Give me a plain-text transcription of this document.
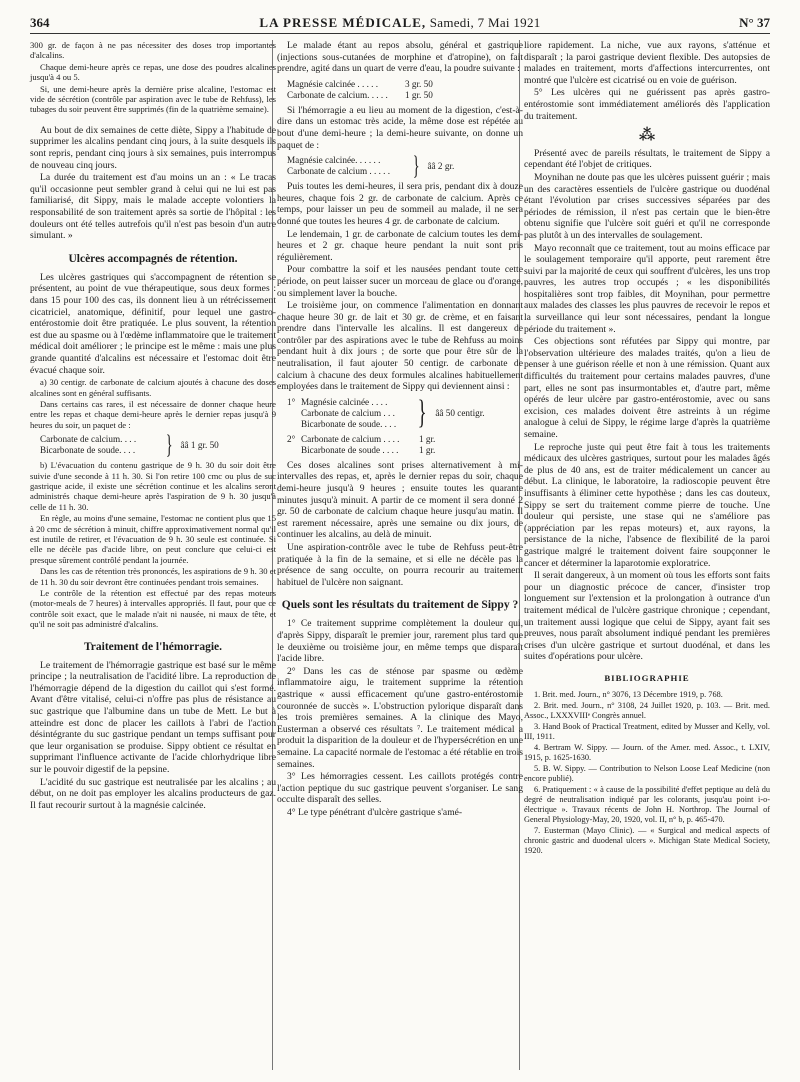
364	LA PRESSE MÉDICALE, Samedi, 7 Mai 1921	N° 37

300 gr. de façon à ne pas nécessiter des doses trop importantes d'alcalins.

Chaque demi-heure après ce repas, une dose des poudres alcalines jusqu'à 4 ou 5.

Si, une demi-heure après la dernière prise alcaline, l'estomac est vide de sécrétion (contrôle par aspiration avec le tube de Rehfuss), les tubages du soir peuvent être supprimés (fin de la quatrième semaine).

Au bout de dix semaines de cette diète, Sippy a l'habitude de supprimer les alcalins pendant cinq jours, à la suite desquels ils sont repris, pendant cinq jours à six semaines, puis interrompus de nouveau cinq jours.

La durée du traitement est d'au moins un an : « Le tracas qu'il occasionne peut sembler grand à celui qui ne lui est pas familiarisé, dit Sippy, mais le malade accepte volontiers la responsabilité de son traitement après sa sortie de l'hôpital : les douleurs ont été telles autrefois qu'il n'est pas besoin d'un autre simulant. »

Ulcères accompagnés de rétention.

Les ulcères gastriques qui s'accompagnent de rétention se présentent, au point de vue thérapeutique, sous deux formes : dans 15 pour 100 des cas, ils donnent lieu à un rétrécissement cicatriciel, anatomique, définitif, pour lequel une gastro-entérostomie doit être pratiquée. Le plus souvent, la rétention est due au spasme ou à l'œdème inflammatoire que le traitement médical doit améliorer ; le principe est le même : mais une plus grande quantité d'alcalins est nécessaire et l'estomac doit être évacué chaque soir.

a) 30 centigr. de carbonate de calcium ajoutés à chacune des doses alcalines sont en général suffisants.

Dans certains cas rares, il est nécessaire de donner chaque heure entre les repas et chaque demi-heure après le dernier repas jusqu'à 9 heures du soir, un paquet de :

Carbonate de calcium. . . .
Bicarbonate de soude. . . .	} ââ 1 gr. 50

b) L'évacuation du contenu gastrique de 9 h. 30 du soir doit être suivie d'une seconde à 11 h. 30. Si l'on retire 100 cmc ou plus de suc gastrique acide, il existe une sécrétion continue et les alcalins seront administrés chaque demi-heure après l'aspiration de 9 h. 30 jusqu'à celle de 11 h. 30.

En règle, au moins d'une semaine, l'estomac ne contient plus que 15 à 20 cmc de sécrétion à minuit, chiffre approximativement normal qu'il est inutile de retirer, et l'évacuation de 9 h. 30 seule est continuée. Si elle ne décèle pas d'acide libre, on peut conclure que celui-ci est presque sûrement contrôlé pendant la journée.

Dans les cas de rétention très prononcés, les aspirations de 9 h. 30 et de 11 h. 30 du soir devront être continuées pendant trois semaines.

Le contrôle de la rétention est effectué par des repas moteurs (motor-meals de 7 heures) à intervalles appropriés. Il faut, pour que ce contrôle soit exact, que le malade n'ait ni nausée, ni maux de tête, et qu'il ne soit pas administré d'alcalins.

Traitement de l'hémorragie.

Le traitement de l'hémorragie gastrique est basé sur le même principe ; la neutralisation de l'acidité libre. La reproduction de l'hémorragie dépend de la digestion du caillot qui s'est formé. Avant d'être vitalisé, celui-ci n'offre pas plus de résistance au suc gastrique que l'albumine dans un tube de Mett. Le but à atteindre est donc de placer les caillots à l'abri de l'action désintégrante du suc gastrique pendant un temps suffisant pour que leur organisation se produise. Sippy obtient ce résultat en supprimant l'influence activante de l'acide chlorhydrique libre sur le pouvoir digestif de la pepsine.

L'acidité du suc gastrique est neutralisée par les alcalins ; au début, on ne doit pas employer les alcalins producteurs de gaz. Il faut recourir surtout à la magnésie calcinée.

Le malade étant au repos absolu, général et gastrique (injections sous-cutanées de morphine et d'atropine), on fait prendre, agité dans un quart de verre d'eau, la poudre suivante :

Magnésie calcinée . . . . .	3 gr. 50
Carbonate de calcium. . . . .	1 gr. 50

Si l'hémorragie a eu lieu au moment de la digestion, c'est-à-dire dans un estomac très acide, la même dose est répétée au bout d'une demi-heure ; la demi-heure suivante, on donne un paquet de :

Magnésie calcinée. . . . . .
Carbonate de calcium . . . . . } ââ 2 gr.

Puis toutes les demi-heures, il sera pris, pendant dix à douze heures, chaque fois 2 gr. de carbonate de calcium. Après ce temps, pour laisser un peu de sommeil au malade, il ne sera donné que toutes les heures 4 gr. de carbonate de calcium.

Le lendemain, 1 gr. de carbonate de calcium toutes les demi-heures et 2 gr. chaque heure pendant la nuit sont pris régulièrement.

Pour combattre la soif et les nausées pendant toute cette période, on peut laisser sucer un morceau de glace ou d'orange, ou simplement laver la bouche.

Le troisième jour, on commence l'alimentation en donnant chaque heure 30 gr. de lait et 30 gr. de crème, et en faisant prendre dans l'intervalle les alcalins. Il est dangereux de contrôler par des aspirations avec le tube de Rehfuss au moins pendant huit à dix jours ; de sorte que pour être sûr de la neutralisation, il faut ajouter 50 centigr. de carbonate de calcium à chacune des deux formules alcalines habituellement employées dans le traitement de Sippy qui deviennent ainsi :

1° Magnésie calcinée . . . .
Carbonate de calcium . . .
Bicarbonate de soude. . . . } ââ 50 centigr.
2° Carbonate de calcium . . . .	1 gr.
Bicarbonate de soude . . . .	1 gr.

Ces doses alcalines sont prises alternativement à mi-intervalles des repas, et, après le dernier repas du soir, chaque demi-heure jusqu'à 9 heures ; ensuite toutes les quarante minutes jusqu'à minuit. A partir de ce moment il sera donné 2 gr. 50 de carbonate de calcium chaque heure jusqu'au matin. Il est rarement nécessaire, après une semaine ou dix jours, de continuer les alcalins, au delà de minuit.

Une aspiration-contrôle avec le tube de Rehfuss peut-être pratiquée à la fin de la semaine, et si elle ne décèle pas la présence de sang occulte, on pourra recourir au traitement habituel de l'ulcère non saignant.

Quels sont les résultats du traitement de Sippy ?

1° Ce traitement supprime complètement la douleur qui, d'après Sippy, disparaît le premier jour, rarement plus tard que le deuxième ou troisième jour, en même temps que disparaît l'acide libre.

2° Dans les cas de sténose par spasme ou œdème inflammatoire aigu, le traitement supprime la rétention gastrique « aussi efficacement qu'une gastro-entérostomie couronnée de succès ». L'obstruction pylorique disparaît dans les trois premières semaines. A la clinique des Mayo, Eusterman a observé ces résultats ⁷. Le traitement médical a produit la disparition de la douleur et de l'hypersécrétion en une semaine. La capacité normale de l'estomac a été rétablie en trois semaines.

3° Les hémorragies cessent. Les caillots protégés contre l'action peptique du suc gastrique peuvent s'organiser. Le sang occulte disparaît des selles.

4° Le type pénétrant d'ulcère gastrique s'amé-

liore rapidement. La niche, vue aux rayons, s'atténue et disparaît ; la paroi gastrique devient flexible. Des autopsies de malades en traitement, morts d'affections intercurrentes, ont montré que l'ulcère est cicatrisé ou en voie de guérison.

5° Les ulcères qui ne guérissent pas après gastro-entérostomie sont immédiatement améliorés dès l'application du traitement.

⁂

Présenté avec de pareils résultats, le traitement de Sippy a cependant été l'objet de critiques.

Moynihan ne doute pas que les ulcères puissent guérir ; mais un des caractères essentiels de l'ulcère gastrique ou duodénal étant l'évolution par crises successives séparées par des périodes de rémission, il n'est pas certain que le bien-être obtenu signifie que l'ulcère soit guéri et qu'il ne corresponde pas plutôt à un des intervalles de soulagement.

Mayo reconnaît que ce traitement, tout au moins efficace par le soulagement temporaire qu'il apporte, peut rarement être suivi par la majorité de ceux qui souffrent d'ulcères, les uns trop pauvres, les autres trop occupés ; « les disponibilités hospitalières sont trop faibles, dit Moynihan, pour permettre aux malades des classes les plus pauvres de recevoir le repos et la surveillance qui leur sont nécessaires, pendant la longue période du traitement ».

Ces objections sont réfutées par Sippy qui montre, par l'observation ultérieure des malades traités, qu'on a lieu de penser à une guérison réelle et non à une rémission. Quant aux difficultés du traitement pour certains malades pauvres, d'une part, elles ne sont pas insurmontables et, d'autre part, même opérés de leur ulcère par gastro-entérostomie, avec ou sans excision, ces malades doivent être astreints à un régime analogue à celui de Sippy, le régime large d'après la quatrième semaine.

Le reproche juste qui peut être fait à tous les traitements médicaux des ulcères gastriques, surtout pour les malades âgés de plus de 40 ans, est de traiter médicalement un cancer au début. La clinique, le laboratoire, la radioscopie peuvent être insuffisants à éliminer cette hypothèse ; dans les cas douteux, Sippy se sert du traitement comme pierre de touche. Une douleur qui persiste, une stase qui ne s'améliore pas (appréciation par les repas moteurs) et, aux rayons, la persistance de la niche, l'absence de flexibilité de la paroi gastrique malgré le traitement doivent faire soupçonner le cancer et déterminer la laparotomie exploratrice.

Il serait dangereux, à un moment où tous les efforts sont faits pour un diagnostic précoce de cancer, d'insister trop longuement sur l'extension et la prolongation à outrance d'un traitement médical de l'ulcère gastrique chronique ; cependant, un traitement aussi logique que celui de Sippy, ayant fait ses preuves, nous paraît absolument indiqué pendant les premières crises d'un ulcère gastrique et surtout duodénal, et dans les suites d'opérations pour ulcère.

BIBLIOGRAPHIE

1. Brit. med. Journ., n° 3076, 13 Décembre 1919, p. 768.

2. Brit. med. Journ., n° 3108, 24 Juillet 1920, p. 103. — Brit. med. Assoc., LXXXVIIIᵉ Congrès annuel.

3. Hand Book of Practical Treatment, edited by Musser and Kelly, vol. III, 1911.

4. Bertram W. Sippy. — Journ. of the Amer. med. Assoc., t. LXIV, 1915, p. 1625-1630.

5. B. W. Sippy. — Contribution to Nelson Loose Leaf Medicine (non encore publié).

6. Pratiquement : « à cause de la possibilité d'effet peptique au delà du degré de neutralisation indiqué par les colorants, jusqu'au point i-o-électrique ». Travaux récents de John H. Northrop. The Journal of General Physiology-May, 20, 1920, vol. II, n° b, p. 465-470.

7. Eusterman (Mayo Clinic). — « Surgical and medical aspects of chronic gastric and duodenal ulcers ». Michigan State Medical Society, 1920.
